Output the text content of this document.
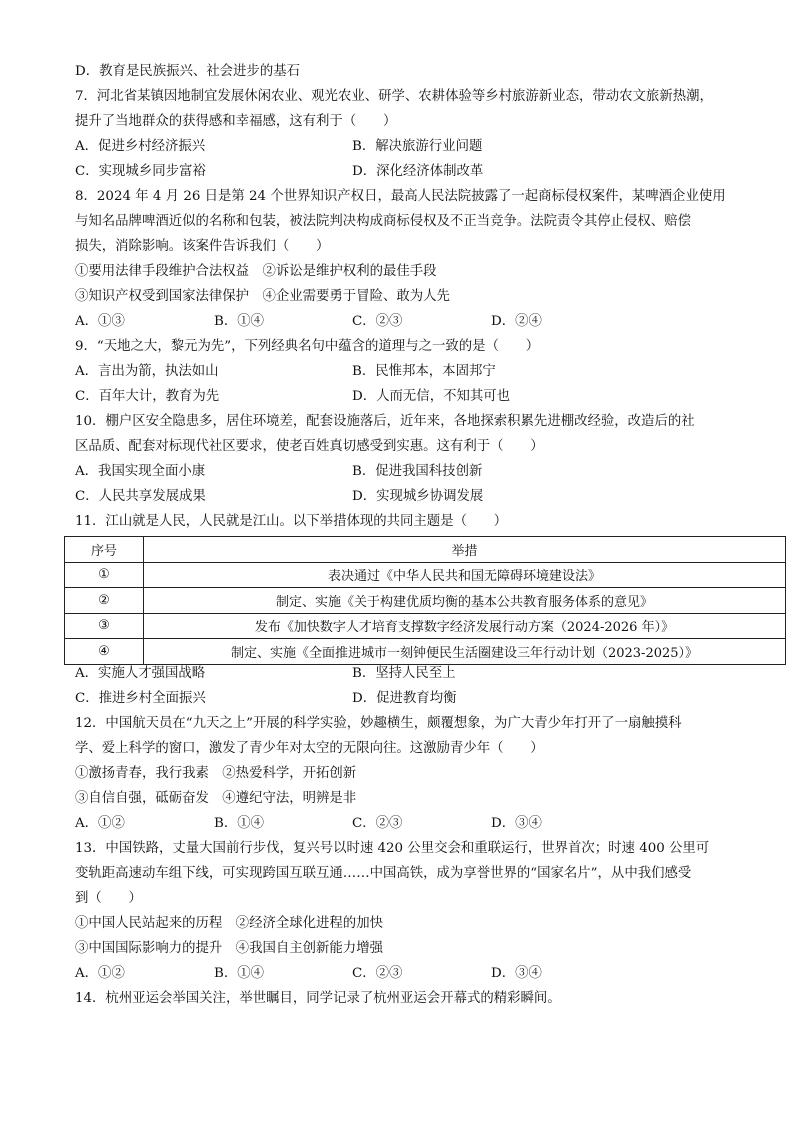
D．教育是民族振兴、社会进步的基石
7．河北省某镇因地制宜发展休闲农业、观光农业、研学、农耕体验等乡村旅游新业态，带动农文旅新热潮，
提升了当地群众的获得感和幸福感，这有利于（　　）
A．促进乡村经济振兴	B．解决旅游行业问题
C．实现城乡同步富裕	D．深化经济体制改革
8．2024 年 4 月 26 日是第 24 个世界知识产权日，最高人民法院披露了一起商标侵权案件，某啤酒企业使用
与知名品牌啤酒近似的名称和包装，被法院判决构成商标侵权及不正当竞争。法院责令其停止侵权、赔偿
损失，消除影响。该案件告诉我们（　　）
①要用法律手段维护合法权益　②诉讼是维护权利的最佳手段
③知识产权受到国家法律保护　④企业需要勇于冒险、敢为人先
A．①③	B．①④	C．②③	D．②④
9．“天地之大，黎元为先”，下列经典名句中蕴含的道理与之一致的是（　　）
A．言出为箭，执法如山	B．民惟邦本，本固邦宁
C．百年大计，教育为先	D．人而无信，不知其可也
10．棚户区安全隐患多，居住环境差，配套设施落后，近年来，各地探索积累先进棚改经验，改造后的社
区品质、配套对标现代社区要求，使老百姓真切感受到实惠。这有利于（　　）
A．我国实现全面小康	B．促进我国科技创新
C．人民共享发展成果	D．实现城乡协调发展
11．江山就是人民，人民就是江山。以下举措体现的共同主题是（　　）
序号	举措
①	表决通过《中华人民共和国无障碍环境建设法》
②	制定、实施《关于构建优质均衡的基本公共教育服务体系的意见》
③	发布《加快数字人才培育支撑数字经济发展行动方案（2024-2026 年）》
④	制定、实施《全面推进城市一刻钟便民生活圈建设三年行动计划（2023-2025）》
A．实施人才强国战略	B．坚持人民至上
C．推进乡村全面振兴	D．促进教育均衡
12．中国航天员在“九天之上”开展的科学实验，妙趣横生，颇覆想象，为广大青少年打开了一扇触摸科
学、爱上科学的窗口，激发了青少年对太空的无限向往。这激励青少年（　　）
①激扬青春，我行我素　②热爱科学，开拓创新
③自信自强，砥砺奋发　④遵纪守法，明辨是非
A．①②	B．①④	C．②③	D．③④
13．中国铁路，丈量大国前行步伐，复兴号以时速 420 公里交会和重联运行，世界首次；时速 400 公里可
变轨距高速动车组下线，可实现跨国互联互通……中国高铁，成为享誉世界的“国家名片”，从中我们感受
到（　　）
①中国人民站起来的历程　②经济全球化进程的加快
③中国国际影响力的提升　④我国自主创新能力增强
A．①②	B．①④	C．②③	D．③④
14．杭州亚运会举国关注，举世瞩目，同学记录了杭州亚运会开幕式的精彩瞬间。
